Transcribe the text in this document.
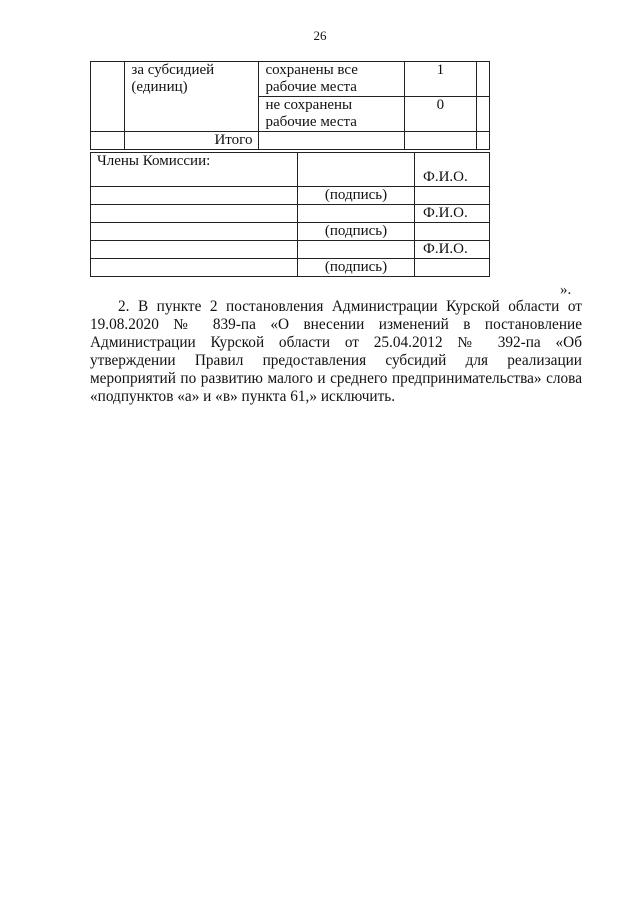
26
	за субсидией (единиц)	сохранены все рабочие места	1	
		не сохранены рабочие места	0	
	Итого			
Члены Комиссии:		Ф.И.О.
	(подпись)	
		Ф.И.О.
	(подпись)	
		Ф.И.О.
	(подпись)	
».

2. В пункте 2 постановления Администрации Курской области от 19.08.2020 № 839-па «О внесении изменений в постановление Администрации Курской области от 25.04.2012 № 392-па «Об утверждении Правил предоставления субсидий для реализации мероприятий по развитию малого и среднего предпринимательства» слова «подпунктов «а» и «в» пункта 61,» исключить.
